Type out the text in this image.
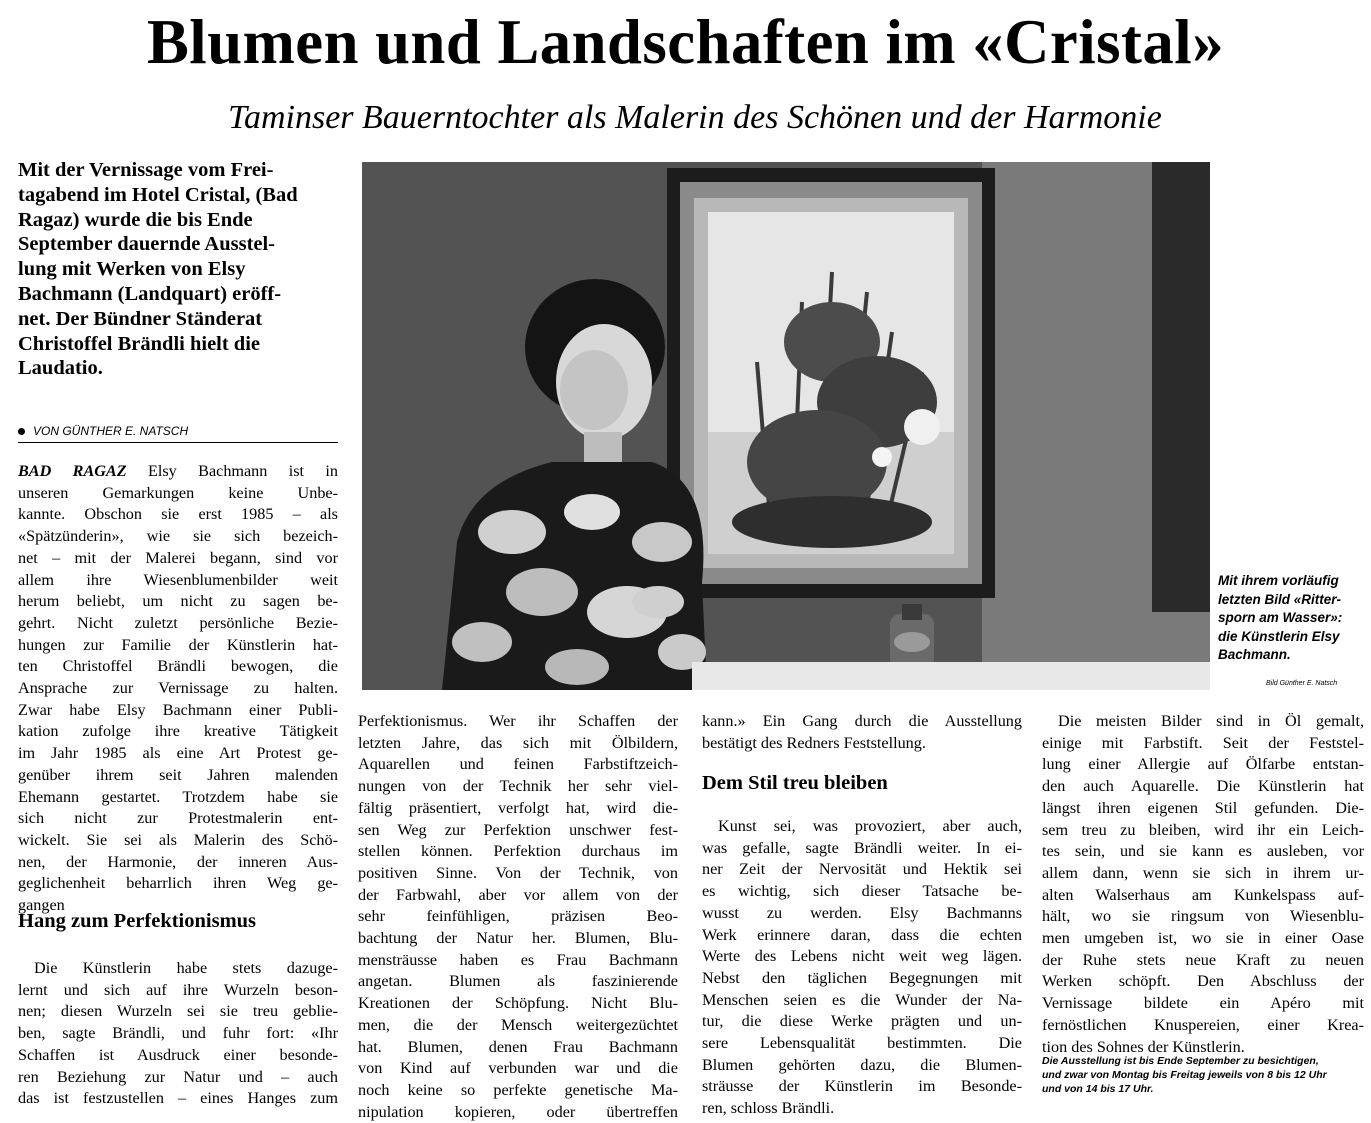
Blumen und Landschaften im «Cristal»
Taminser Bauerntochter als Malerin des Schönen und der Harmonie
Mit der Vernissage vom Frei-
tagabend im Hotel Cristal, (Bad
Ragaz) wurde die bis Ende
September dauernde Ausstel-
lung mit Werken von Elsy
Bachmann (Landquart) eröff-
net. Der Bündner Ständerat
Christoffel Brändli hielt die
Laudatio.
VON GÜNTHER E. NATSCH
BAD RAGAZ Elsy Bachmann ist in
unseren Gemarkungen keine Unbe-
kannte. Obschon sie erst 1985 – als
«Spätzünderin», wie sie sich bezeich-
net – mit der Malerei begann, sind vor
allem ihre Wiesenblumenbilder weit
herum beliebt, um nicht zu sagen be-
gehrt. Nicht zuletzt persönliche Bezie-
hungen zur Familie der Künstlerin hat-
ten Christoffel Brändli bewogen, die
Ansprache zur Vernissage zu halten.
Zwar habe Elsy Bachmann einer Publi-
kation zufolge ihre kreative Tätigkeit
im Jahr 1985 als eine Art Protest ge-
genüber ihrem seit Jahren malenden
Ehemann gestartet. Trotzdem habe sie
sich nicht zur Protestmalerin ent-
wickelt. Sie sei als Malerin des Schö-
nen, der Harmonie, der inneren Aus-
geglichenheit beharrlich ihren Weg ge-
gangen
Hang zum Perfektionismus
Die Künstlerin habe stets dazuge-
lernt und sich auf ihre Wurzeln beson-
nen; diesen Wurzeln sei sie treu geblie-
ben, sagte Brändli, und fuhr fort: «Ihr
Schaffen ist Ausdruck einer besonde-
ren Beziehung zur Natur und – auch
das ist festzustellen – eines Hanges zum
Mit ihrem vorläufig
letzten Bild «Ritter-
sporn am Wasser»:
die Künstlerin Elsy
Bachmann.
Bild Günther E. Natsch
Perfektionismus. Wer ihr Schaffen der
letzten Jahre, das sich mit Ölbildern,
Aquarellen und feinen Farbstiftzeich-
nungen von der Technik her sehr viel-
fältig präsentiert, verfolgt hat, wird die-
sen Weg zur Perfektion unschwer fest-
stellen können. Perfektion durchaus im
positiven Sinne. Von der Technik, von
der Farbwahl, aber vor allem von der
sehr feinfühligen, präzisen Beo-
bachtung der Natur her. Blumen, Blu-
mensträusse haben es Frau Bachmann
angetan. Blumen als faszinierende
Kreationen der Schöpfung. Nicht Blu-
men, die der Mensch weitergezüchtet
hat. Blumen, denen Frau Bachmann
von Kind auf verbunden war und die
noch keine so perfekte genetische Ma-
nipulation kopieren, oder übertreffen
kann.» Ein Gang durch die Ausstellung
bestätigt des Redners Feststellung.
Dem Stil treu bleiben
Kunst sei, was provoziert, aber auch,
was gefalle, sagte Brändli weiter. In ei-
ner Zeit der Nervosität und Hektik sei
es wichtig, sich dieser Tatsache be-
wusst zu werden. Elsy Bachmanns
Werk erinnere daran, dass die echten
Werte des Lebens nicht weit weg lägen.
Nebst den täglichen Begegnungen mit
Menschen seien es die Wunder der Na-
tur, die diese Werke prägten und un-
sere Lebensqualität bestimmten. Die
Blumen gehörten dazu, die Blumen-
sträusse der Künstlerin im Besonde-
ren, schloss Brändli.
Die meisten Bilder sind in Öl gemalt,
einige mit Farbstift. Seit der Feststel-
lung einer Allergie auf Ölfarbe entstan-
den auch Aquarelle. Die Künstlerin hat
längst ihren eigenen Stil gefunden. Die-
sem treu zu bleiben, wird ihr ein Leich-
tes sein, und sie kann es ausleben, vor
allem dann, wenn sie sich in ihrem ur-
alten Walserhaus am Kunkelspass auf-
hält, wo sie ringsum von Wiesenblu-
men umgeben ist, wo sie in einer Oase
der Ruhe stets neue Kraft zu neuen
Werken schöpft. Den Abschluss der
Vernissage bildete ein Apéro mit
fernöstlichen Knuspereien, einer Krea-
tion des Sohnes der Künstlerin.
Die Ausstellung ist bis Ende September zu besichtigen,
und zwar von Montag bis Freitag jeweils von 8 bis 12 Uhr
und von 14 bis 17 Uhr.
